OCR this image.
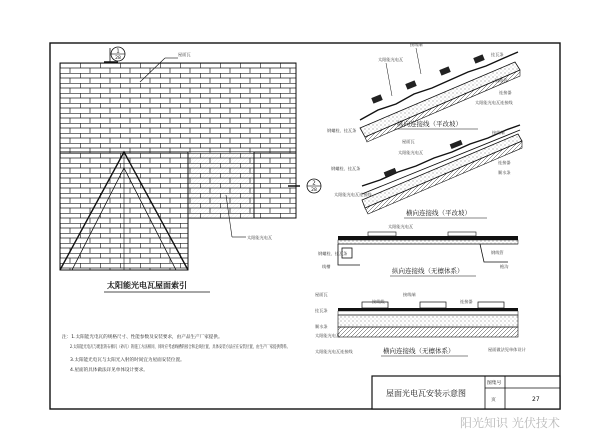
屋面瓦
太阳能光电瓦
1
28
2
28
太阳能光电瓦屋面索引
接线端
太阳能光电瓦
挂瓦条
钢线管
连接器
太阳能光电瓦连接线
钢螺栓、挂瓦条
纵向连接线（平改坡）
屋面瓦
太阳能光电瓦
接线端
连接器
顺水条
钢螺栓、挂瓦条
太阳能光电瓦连接线
横向连接线（平改坡）
太阳能光电瓦
钢螺栓、挂瓦条
线槽
钢线管
檐沟
纵向连接线（无檩体系）
屋面瓦	接线端
接线线
挂瓦条
连接器
顺水条
太阳能光电瓦
太阳能光电瓦连接线	屋面做法见单体设计
横向连接线（无檩体系）
注：1.太阳能光电瓦的规格尺寸、性能参数及安装要求，由产品生产厂家提供。
2.太阳能光电瓦与配套的石棉瓦（砂瓦）的施工方法相同，同时应考虑线槽的接合和走线位置，具体安装方法应在安装位置，由生产厂家提供资料。
3.太阳能光电瓦与太阳光入射的时间宜为屋面安装位置。
4.屋面的具体做法详见单体设计要求。
屋面光电瓦安装示意图
图集号
页	27
阳光知识 光伏技术
